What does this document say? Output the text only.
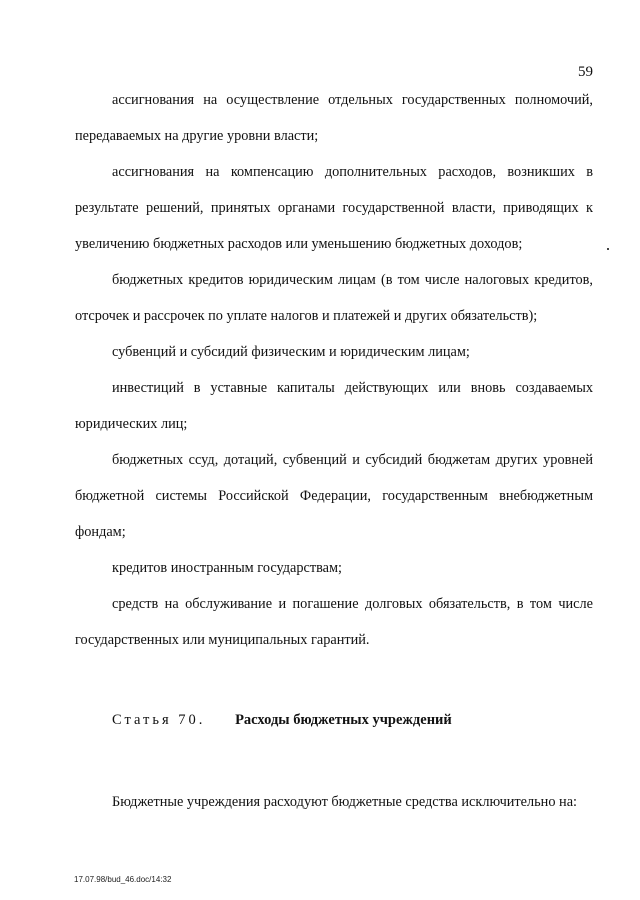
59

ассигнования на осуществление отдельных государственных полномочий, передаваемых на другие уровни власти;

ассигнования на компенсацию дополнительных расходов, возникших в результате решений, принятых органами государственной власти, приводящих к увеличению бюджетных расходов или уменьшению бюджетных доходов;

бюджетных кредитов юридическим лицам (в том числе налоговых кредитов, отсрочек и рассрочек по уплате налогов и платежей и других обязательств);

субвенций и субсидий физическим и юридическим лицам;

инвестиций в уставные капиталы действующих или вновь создаваемых юридических лиц;

бюджетных ссуд, дотаций, субвенций и субсидий бюджетам других уровней бюджетной системы Российской Федерации, государственным внебюджетным фондам;

кредитов иностранным государствам;

средств на обслуживание и погашение долговых обязательств, в том числе государственных или муниципальных гарантий.

Статья 70. Расходы бюджетных учреждений

Бюджетные учреждения расходуют бюджетные средства исключительно на:

17.07.98/bud_46.doc/14:32
